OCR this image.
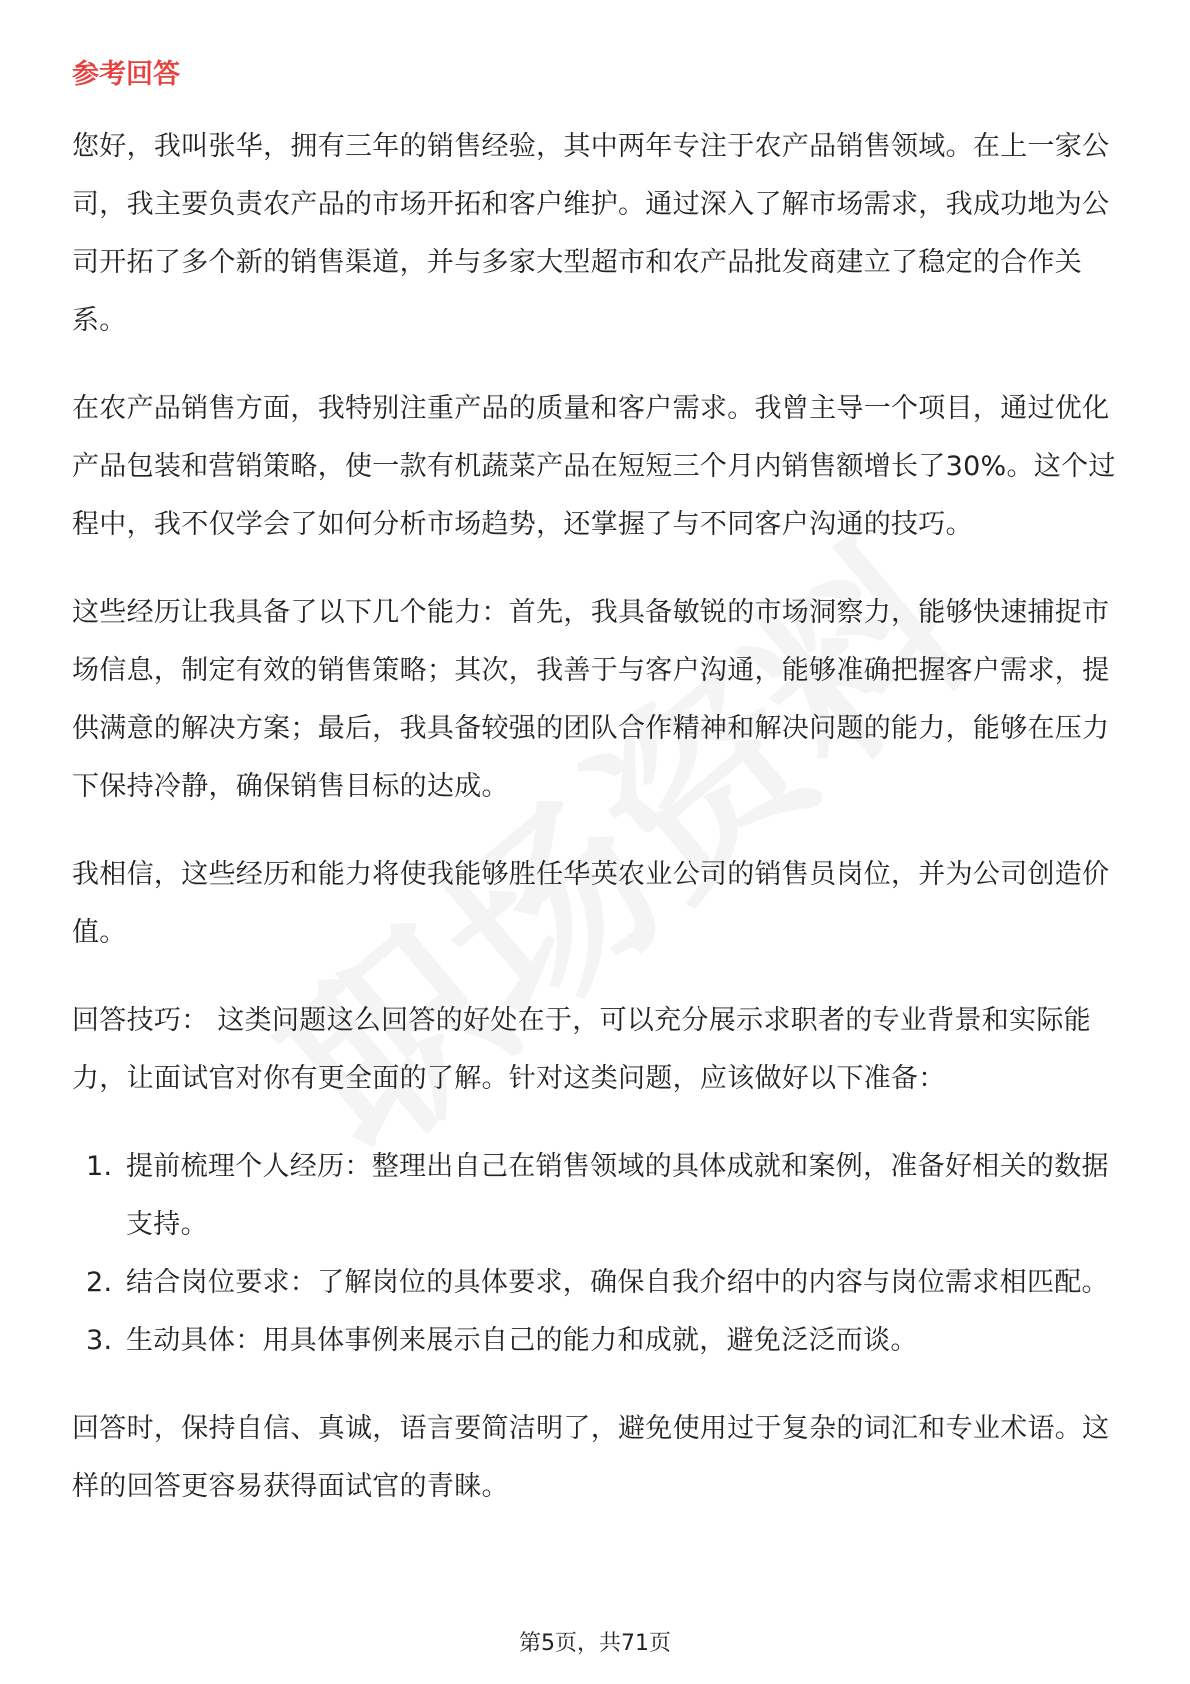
参考回答

您好，我叫张华，拥有三年的销售经验，其中两年专注于农产品销售领域。在上一家公司，我主要负责农产品的市场开拓和客户维护。通过深入了解市场需求，我成功地为公司开拓了多个新的销售渠道，并与多家大型超市和农产品批发商建立了稳定的合作关系。

在农产品销售方面，我特别注重产品的质量和客户需求。我曾主导一个项目，通过优化产品包装和营销策略，使一款有机蔬菜产品在短短三个月内销售额增长了30%。这个过程中，我不仅学会了如何分析市场趋势，还掌握了与不同客户沟通的技巧。

这些经历让我具备了以下几个能力：首先，我具备敏锐的市场洞察力，能够快速捕捉市场信息，制定有效的销售策略；其次，我善于与客户沟通，能够准确把握客户需求，提供满意的解决方案；最后，我具备较强的团队合作精神和解决问题的能力，能够在压力下保持冷静，确保销售目标的达成。

我相信，这些经历和能力将使我能够胜任华英农业公司的销售员岗位，并为公司创造价值。

回答技巧： 这类问题这么回答的好处在于，可以充分展示求职者的专业背景和实际能力，让面试官对你有更全面的了解。针对这类问题，应该做好以下准备：

1. 提前梳理个人经历：整理出自己在销售领域的具体成就和案例，准备好相关的数据支持。
2. 结合岗位要求：了解岗位的具体要求，确保自我介绍中的内容与岗位需求相匹配。
3. 生动具体：用具体事例来展示自己的能力和成就，避免泛泛而谈。

回答时，保持自信、真诚，语言要简洁明了，避免使用过于复杂的词汇和专业术语。这样的回答更容易获得面试官的青睐。

第5页，共71页
